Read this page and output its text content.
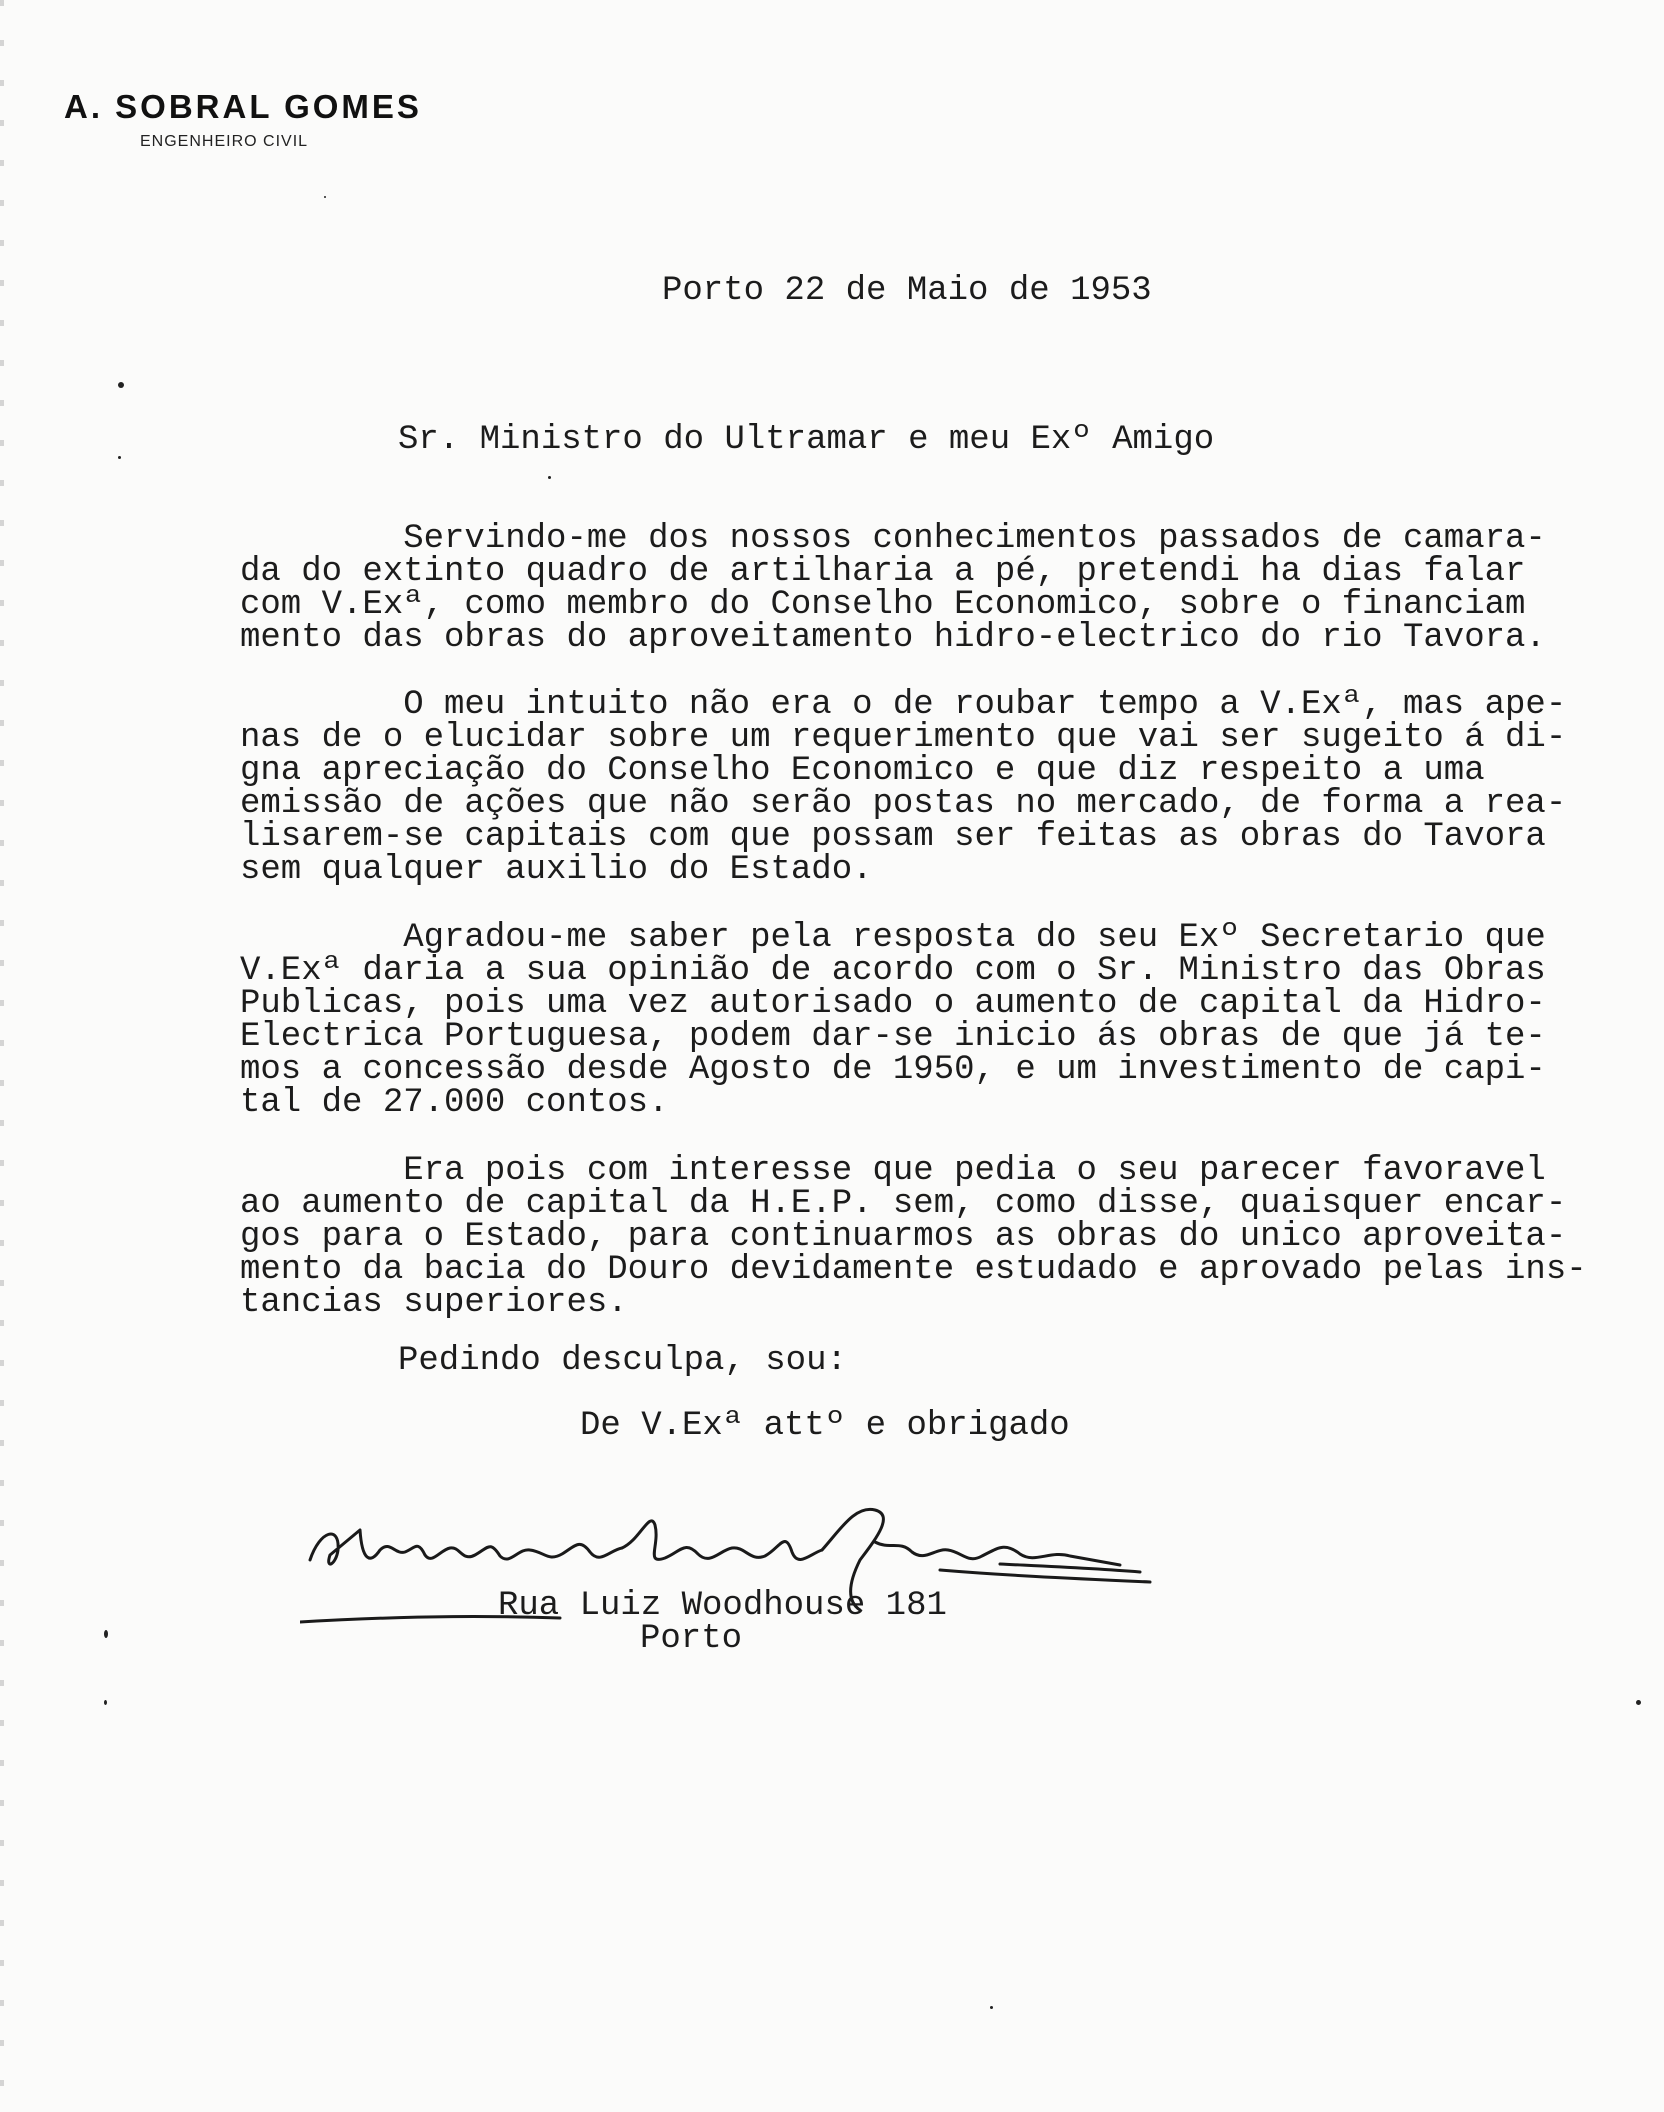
A. SOBRAL GOMES
ENGENHEIRO CIVIL
Porto 22 de Maio de 1953
Sr. Ministro do Ultramar e meu Exº Amigo
Servindo-me dos nossos conhecimentos passados de camara-
da do extinto quadro de artilharia a pé, pretendi ha dias falar
com V.Exª, como membro do Conselho Economico, sobre o financiam
mento das obras do aproveitamento hidro-electrico do rio Tavora.
O meu intuito não era o de roubar tempo a V.Exª, mas ape-
nas de o elucidar sobre um requerimento que vai ser sugeito á di-
gna apreciação do Conselho Economico e que diz respeito a uma
emissão de ações que não serão postas no mercado, de forma a rea-
lisarem-se capitais com que possam ser feitas as obras do Tavora
sem qualquer auxilio do Estado.
Agradou-me saber pela resposta do seu Exº Secretario que
V.Exª daria a sua opinião de acordo com o Sr. Ministro das Obras
Publicas, pois uma vez autorisado o aumento de capital da Hidro-
Electrica Portuguesa, podem dar-se inicio ás obras de que já te-
mos a concessão desde Agosto de 1950, e um investimento de capi-
tal de 27.000 contos.
Era pois com interesse que pedia o seu parecer favoravel
ao aumento de capital da H.E.P. sem, como disse, quaisquer encar-
gos para o Estado, para continuarmos as obras do unico aproveita-
mento da bacia do Douro devidamente estudado e aprovado pelas ins-
tancias superiores.
Pedindo desculpa, sou:
De V.Exª attº e obrigado
Rua Luiz Woodhouse 181
Porto
